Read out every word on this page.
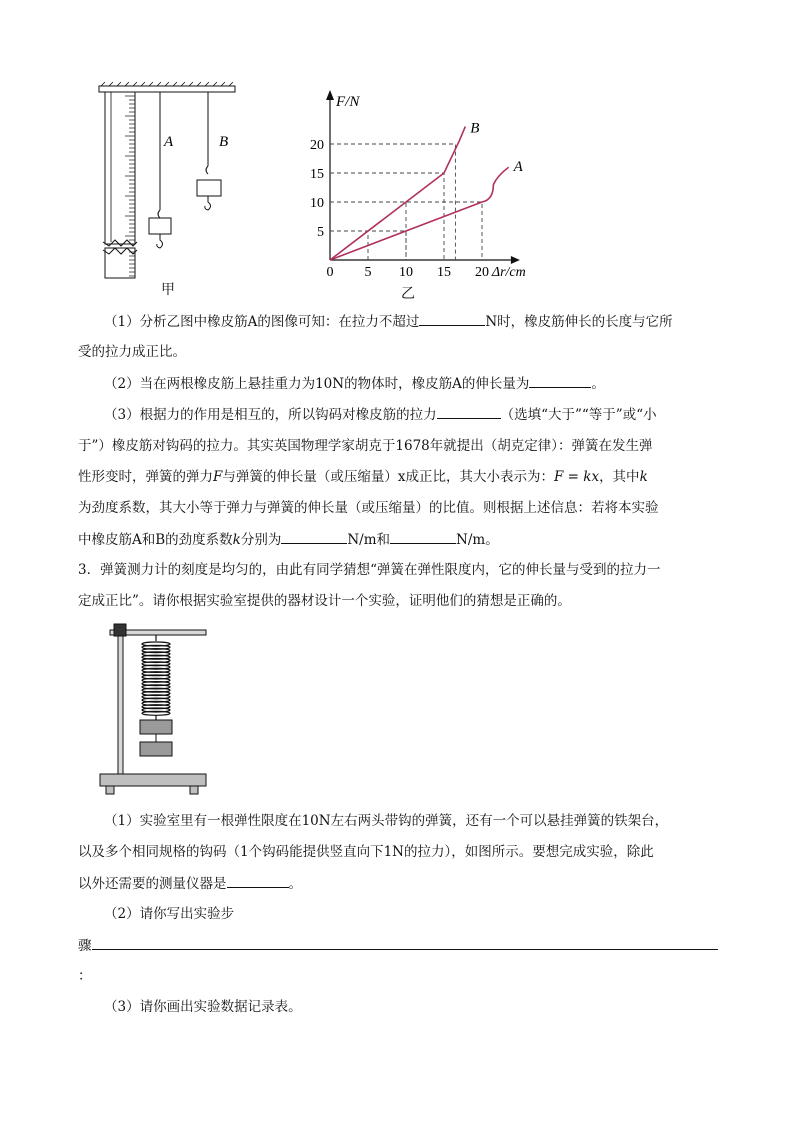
A	B
甲
0 5 10 15 20
5
10
15
20
F/N
Δr/cm
A
B
乙
（1）分析乙图中橡皮筋A的图像可知：在拉力不超过	N时，橡皮筋伸长的长度与它所
受的拉力成正比。
（2）当在两根橡皮筋上悬挂重力为10N的物体时，橡皮筋A的伸长量为	。
（3）根据力的作用是相互的，所以钩码对橡皮筋的拉力	（选填“大于”“等于”或“小
于”）橡皮筋对钩码的拉力。其实英国物理学家胡克于1678年就提出（胡克定律）：弹簧在发生弹
性形变时，弹簧的弹力F与弹簧的伸长量（或压缩量）x成正比，其大小表示为：F = kx，其中k
为劲度系数，其大小等于弹力与弹簧的伸长量（或压缩量）的比值。则根据上述信息：若将本实验
中橡皮筋A和B的劲度系数k分别为	N/m和	N/m。
3．弹簧测力计的刻度是均匀的，由此有同学猜想“弹簧在弹性限度内，它的伸长量与受到的拉力一
定成正比”。请你根据实验室提供的器材设计一个实验，证明他们的猜想是正确的。
（1）实验室里有一根弹性限度在10N左右两头带钩的弹簧，还有一个可以悬挂弹簧的铁架台，
以及多个相同规格的钩码（1个钩码能提供竖直向下1N的拉力），如图所示。要想完成实验，除此
以外还需要的测量仪器是	。
（2）请你写出实验步
骤
：
（3）请你画出实验数据记录表。
